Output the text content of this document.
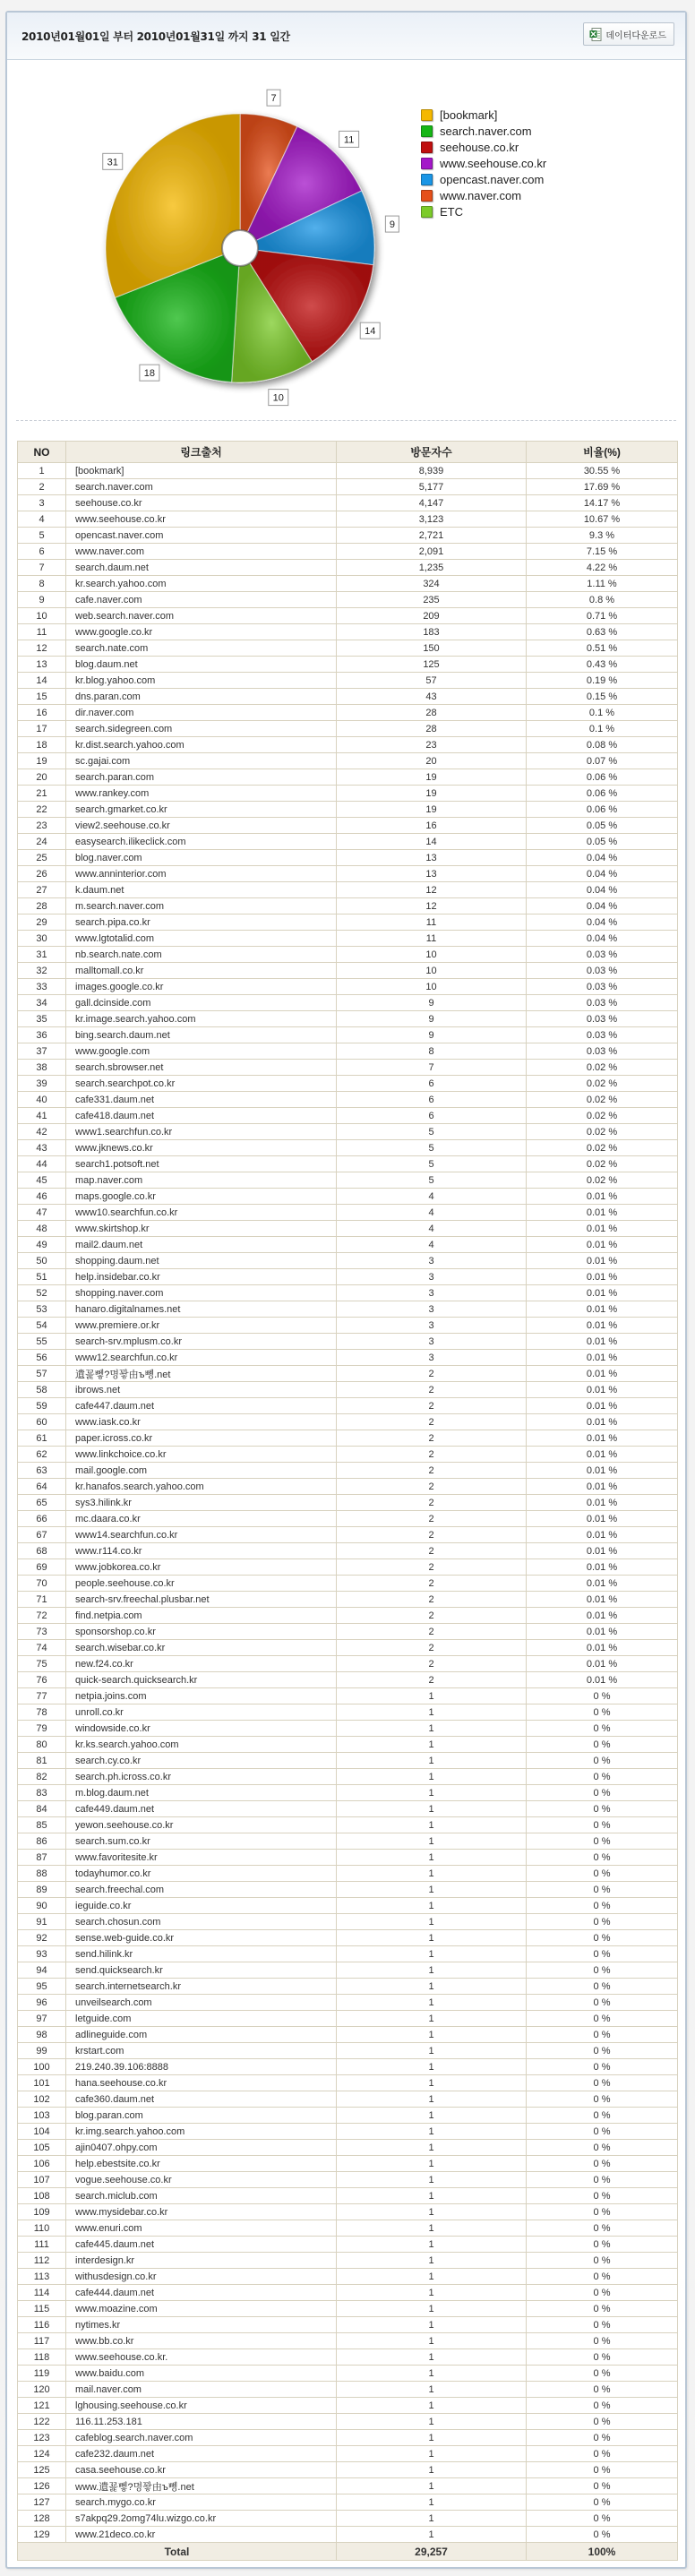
2010년01월01일 부터 2010년01월31일 까지 31 일간	데이터다운로드
7
11
9
14
10
18
31
[bookmark]
search.naver.com
seehouse.co.kr
www.seehouse.co.kr
opencast.naver.com
www.naver.com
ETC
NO	링크출처	방문자수	비율(%)
1	[bookmark]	8,939	30.55 %
2	search.naver.com	5,177	17.69 %
3	seehouse.co.kr	4,147	14.17 %
4	www.seehouse.co.kr	3,123	10.67 %
5	opencast.naver.com	2,721	9.3 %
6	www.naver.com	2,091	7.15 %
7	search.daum.net	1,235	4.22 %
8	kr.search.yahoo.com	324	1.11 %
9	cafe.naver.com	235	0.8 %
10	web.search.naver.com	209	0.71 %
11	www.google.co.kr	183	0.63 %
12	search.nate.com	150	0.51 %
13	blog.daum.net	125	0.43 %
14	kr.blog.yahoo.com	57	0.19 %
15	dns.paran.com	43	0.15 %
16	dir.naver.com	28	0.1 %
17	search.sidegreen.com	28	0.1 %
18	kr.dist.search.yahoo.com	23	0.08 %
19	sc.gajai.com	20	0.07 %
20	search.paran.com	19	0.06 %
21	www.rankey.com	19	0.06 %
22	search.gmarket.co.kr	19	0.06 %
23	view2.seehouse.co.kr	16	0.05 %
24	easysearch.ilikeclick.com	14	0.05 %
25	blog.naver.com	13	0.04 %
26	www.anninterior.com	13	0.04 %
27	k.daum.net	12	0.04 %
28	m.search.naver.com	12	0.04 %
29	search.pipa.co.kr	11	0.04 %
30	www.lgtotalid.com	11	0.04 %
31	nb.search.nate.com	10	0.03 %
32	malltomall.co.kr	10	0.03 %
33	images.google.co.kr	10	0.03 %
34	gall.dcinside.com	9	0.03 %
35	kr.image.search.yahoo.com	9	0.03 %
36	bing.search.daum.net	9	0.03 %
37	www.google.com	8	0.03 %
38	search.sbrowser.net	7	0.02 %
39	search.searchpot.co.kr	6	0.02 %
40	cafe331.daum.net	6	0.02 %
41	cafe418.daum.net	6	0.02 %
42	www1.searchfun.co.kr	5	0.02 %
43	www.jknews.co.kr	5	0.02 %
44	search1.potsoft.net	5	0.02 %
45	map.naver.com	5	0.02 %
46	maps.google.co.kr	4	0.01 %
47	www10.searchfun.co.kr	4	0.01 %
48	www.skirtshop.kr	4	0.01 %
49	mail2.daum.net	4	0.01 %
50	shopping.daum.net	3	0.01 %
51	help.insidebar.co.kr	3	0.01 %
52	shopping.naver.com	3	0.01 %
53	hanaro.digitalnames.net	3	0.01 %
54	www.premiere.or.kr	3	0.01 %
55	search-srv.mplusm.co.kr	3	0.01 %
56	www12.searchfun.co.kr	3	0.01 %
57	遺꾩뼇?명꽣由ъ뼹.net	2	0.01 %
58	ibrows.net	2	0.01 %
59	cafe447.daum.net	2	0.01 %
60	www.iask.co.kr	2	0.01 %
61	paper.icross.co.kr	2	0.01 %
62	www.linkchoice.co.kr	2	0.01 %
63	mail.google.com	2	0.01 %
64	kr.hanafos.search.yahoo.com	2	0.01 %
65	sys3.hilink.kr	2	0.01 %
66	mc.daara.co.kr	2	0.01 %
67	www14.searchfun.co.kr	2	0.01 %
68	www.r114.co.kr	2	0.01 %
69	www.jobkorea.co.kr	2	0.01 %
70	people.seehouse.co.kr	2	0.01 %
71	search-srv.freechal.plusbar.net	2	0.01 %
72	find.netpia.com	2	0.01 %
73	sponsorshop.co.kr	2	0.01 %
74	search.wisebar.co.kr	2	0.01 %
75	new.f24.co.kr	2	0.01 %
76	quick-search.quicksearch.kr	2	0.01 %
77	netpia.joins.com	1	0 %
78	unroll.co.kr	1	0 %
79	windowside.co.kr	1	0 %
80	kr.ks.search.yahoo.com	1	0 %
81	search.cy.co.kr	1	0 %
82	search.ph.icross.co.kr	1	0 %
83	m.blog.daum.net	1	0 %
84	cafe449.daum.net	1	0 %
85	yewon.seehouse.co.kr	1	0 %
86	search.sum.co.kr	1	0 %
87	www.favoritesite.kr	1	0 %
88	todayhumor.co.kr	1	0 %
89	search.freechal.com	1	0 %
90	ieguide.co.kr	1	0 %
91	search.chosun.com	1	0 %
92	sense.web-guide.co.kr	1	0 %
93	send.hilink.kr	1	0 %
94	send.quicksearch.kr	1	0 %
95	search.internetsearch.kr	1	0 %
96	unveilsearch.com	1	0 %
97	letguide.com	1	0 %
98	adlineguide.com	1	0 %
99	krstart.com	1	0 %
100	219.240.39.106:8888	1	0 %
101	hana.seehouse.co.kr	1	0 %
102	cafe360.daum.net	1	0 %
103	blog.paran.com	1	0 %
104	kr.img.search.yahoo.com	1	0 %
105	ajin0407.ohpy.com	1	0 %
106	help.ebestsite.co.kr	1	0 %
107	vogue.seehouse.co.kr	1	0 %
108	search.miclub.com	1	0 %
109	www.mysidebar.co.kr	1	0 %
110	www.enuri.com	1	0 %
111	cafe445.daum.net	1	0 %
112	interdesign.kr	1	0 %
113	withusdesign.co.kr	1	0 %
114	cafe444.daum.net	1	0 %
115	www.moazine.com	1	0 %
116	nytimes.kr	1	0 %
117	www.bb.co.kr	1	0 %
118	www.seehouse.co.kr.	1	0 %
119	www.baidu.com	1	0 %
120	mail.naver.com	1	0 %
121	lghousing.seehouse.co.kr	1	0 %
122	116.11.253.181	1	0 %
123	cafeblog.search.naver.com	1	0 %
124	cafe232.daum.net	1	0 %
125	casa.seehouse.co.kr	1	0 %
126	www.遺꾩뼇?명꽣由ъ뼹.net	1	0 %
127	search.mygo.co.kr	1	0 %
128	s7akpq29.2omg74lu.wizgo.co.kr	1	0 %
129	www.21deco.co.kr	1	0 %
Total		29,257	100%
